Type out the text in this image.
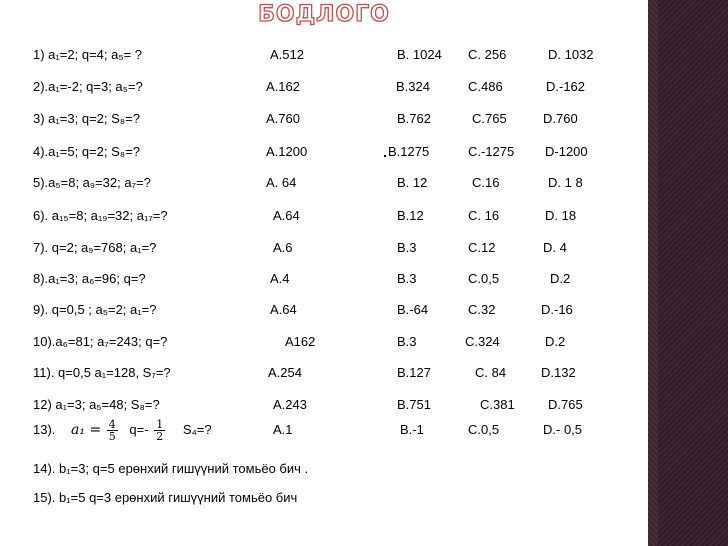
БОДЛОГО
1) a₁=2; q=4; a₅= ?	A.512	B. 1024 C. 256	D. 1032
2).a₁=-2; q=3; a₅=?	A.162	B.324	C.486	D.-162
3) a₁=3; q=2; S₈=?	A.760	B.762	C.765	D.760
4).a₁=5; q=2; S₈=?	A.1200	B.1275	C.-1275 D-1200
5).a₅=8; a₉=32; a₇=?	A. 64	B. 12	C.16	D. 1 8
6). a₁₅=8; a₁₉=32; a₁₇=?	A.64	B.12	C. 16	D. 18
7). q=2; a₉=768; a₁=?	A.6	B.3	C.12	D. 4
8).a₁=3; a₆=96; q=?	A.4	B.3	C.0,5	D.2
9). q=0,5 ; a₅=2; a₁=?	A.64	B.-64	C.32	D.-16
10).a₆=81; a₇=243; q=?	A162	B.3	C.324	D.2
11). q=0,5 a₁=128, S₇=?	A.254	B.127	C. 84	D.132
12) a₁=3; a₅=48; S₈=?	A.243	B.751	C.381	D.765
13). $a_1 = \frac{4}{5} q=- \frac{1}{2} S_4=$?	A.1	B.-1	C.0,5	D.- 0,5
14). b₁=3; q=5 ерөнхий гишүүний томьёо бич .
15). b₁=5 q=3 ерөнхий гишүүний томьёо бич
